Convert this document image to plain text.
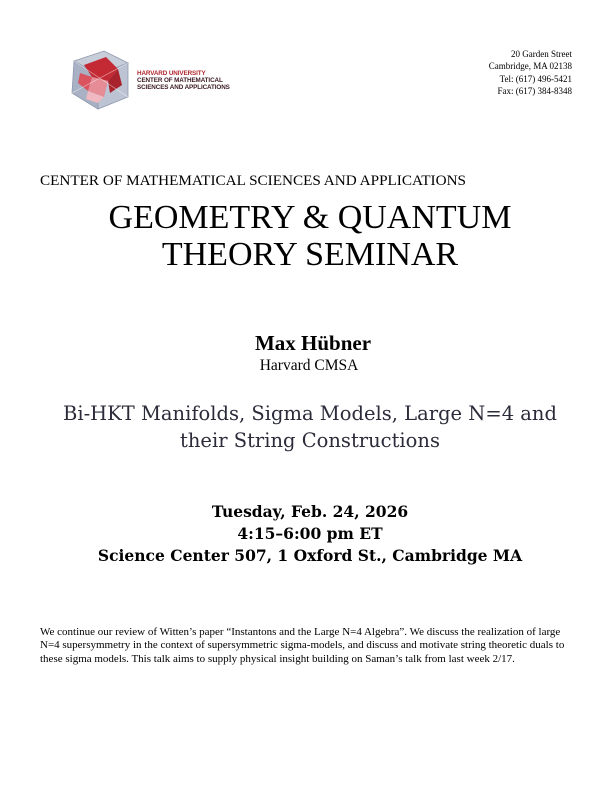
HARVARD UNIVERSITY
CENTER OF MATHEMATICAL
SCIENCES AND APPLICATIONS
20 Garden Street
Cambridge, MA 02138
Tel: (617) 496-5421
Fax: (617) 384-8348
CENTER OF MATHEMATICAL SCIENCES AND APPLICATIONS
GEOMETRY & QUANTUM
THEORY SEMINAR
Max Hübner
Harvard CMSA
Bi-HKT Manifolds, Sigma Models, Large N=4 and
their String Constructions
Tuesday, Feb. 24, 2026
4:15–6:00 pm ET
Science Center 507, 1 Oxford St., Cambridge MA
We continue our review of Witten’s paper “Instantons and the Large N=4 Algebra”. We discuss the realization of large N=4 supersymmetry in the context of supersymmetric sigma-models, and discuss and motivate string theoretic duals to these sigma models. This talk aims to supply physical insight building on Saman’s talk from last week 2/17.
